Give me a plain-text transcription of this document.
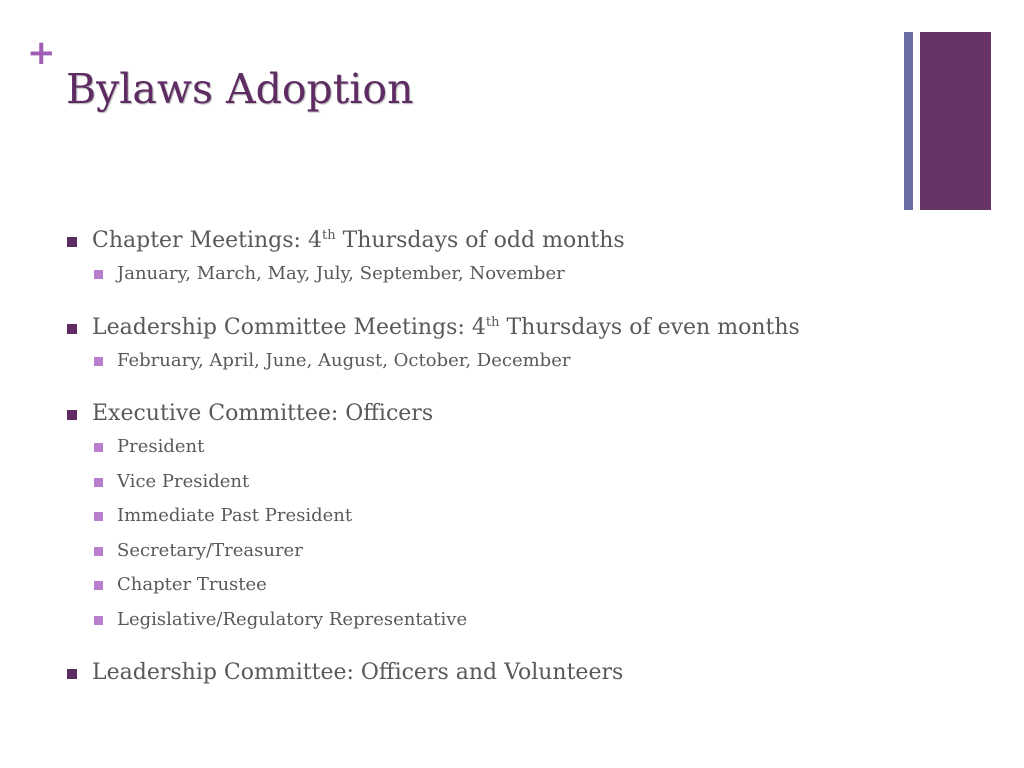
+
Bylaws Adoption
Chapter Meetings: 4th Thursdays of odd months
January, March, May, July, September, November
Leadership Committee Meetings: 4th Thursdays of even months
February, April, June, August, October, December
Executive Committee: Officers
President
Vice President
Immediate Past President
Secretary/Treasurer
Chapter Trustee
Legislative/Regulatory Representative
Leadership Committee: Officers and Volunteers
